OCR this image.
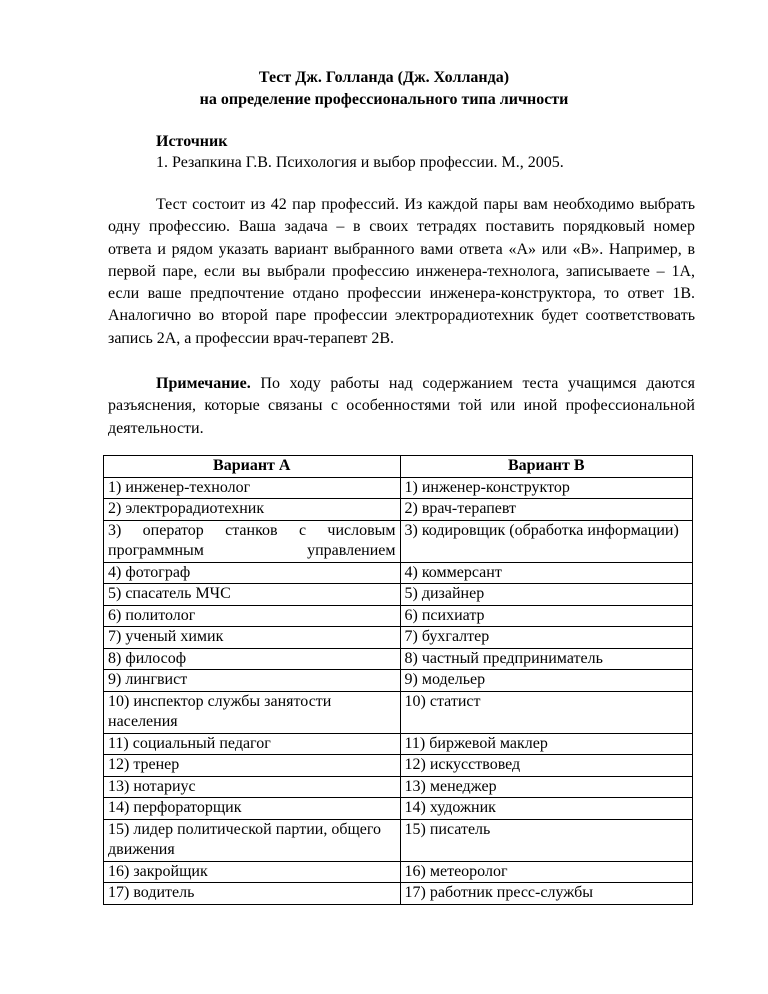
Тест Дж. Голланда (Дж. Холланда)
на определение профессионального типа личности
Источник
1. Резапкина Г.В. Психология и выбор профессии. М., 2005.

Тест состоит из 42 пар профессий. Из каждой пары вам необходимо выбрать одну профессию. Ваша задача – в своих тетрадях поставить порядковый номер ответа и рядом указать вариант выбранного вами ответа «А» или «В». Например, в первой паре, если вы выбрали профессию инженера-технолога, записываете – 1А, если ваше предпочтение отдано профессии инженера-конструктора, то ответ 1В. Аналогично во второй паре профессии электрорадиотехник будет соответствовать запись 2А, а профессии врач-терапевт 2В.

Примечание. По ходу работы над содержанием теста учащимся даются разъяснения, которые связаны с особенностями той или иной профессиональной деятельности.

Вариант А	Вариант В
1) инженер-технолог	1) инженер-конструктор
2) электрорадиотехник	2) врач-терапевт

3) оператор станков с числовым программным управлением	3) кодировщик (обработка информации)
4) фотограф	4) коммерсант
5) спасатель МЧС	5) дизайнер
6) политолог	6) психиатр
7) ученый химик	7) бухгалтер
8) философ	8) частный предприниматель
9) лингвист	9) модельер
10) инспектор службы занятости населения	10) статист
11) социальный педагог	11) биржевой маклер
12) тренер	12) искусствовед
13) нотариус	13) менеджер
14) перфораторщик	14) художник
15) лидер политической партии, общего движения	15) писатель
16) закройщик	16) метеоролог
17) водитель	17) работник пресс-службы
